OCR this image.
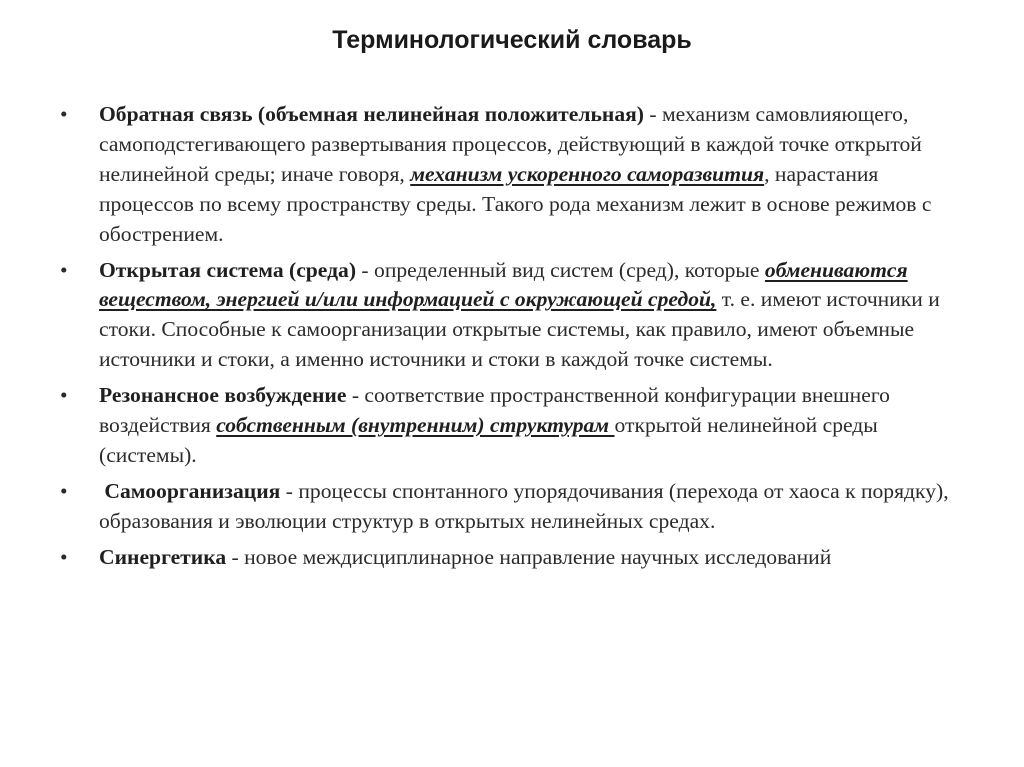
Терминологический словарь
•	Обратная связь (объемная нелинейная положительная) - механизм самовлияющего, самоподстегивающего развертывания процессов, действующий в каждой точке открытой нелинейной среды; иначе говоря, механизм ускоренного саморазвития, нарастания процессов по всему пространству среды. Такого рода механизм лежит в основе режимов с обострением.
•	Открытая система (среда) - определенный вид систем (сред), которые обмениваются веществом, энергией и/или информацией с окружающей средой, т. е. имеют источники и стоки. Способные к самоорганизации открытые системы, как правило, имеют объемные источники и стоки, а именно источники и стоки в каждой точке системы.
•	Резонансное возбуждение - соответствие пространственной конфигурации внешнего воздействия собственным (внутренним) структурам открытой нелинейной среды (системы).
•	Самоорганизация - процессы спонтанного упорядочивания (перехода от хаоса к порядку), образования и эволюции структур в открытых нелинейных средах.
•	Синергетика - новое междисциплинарное направление научных исследований
